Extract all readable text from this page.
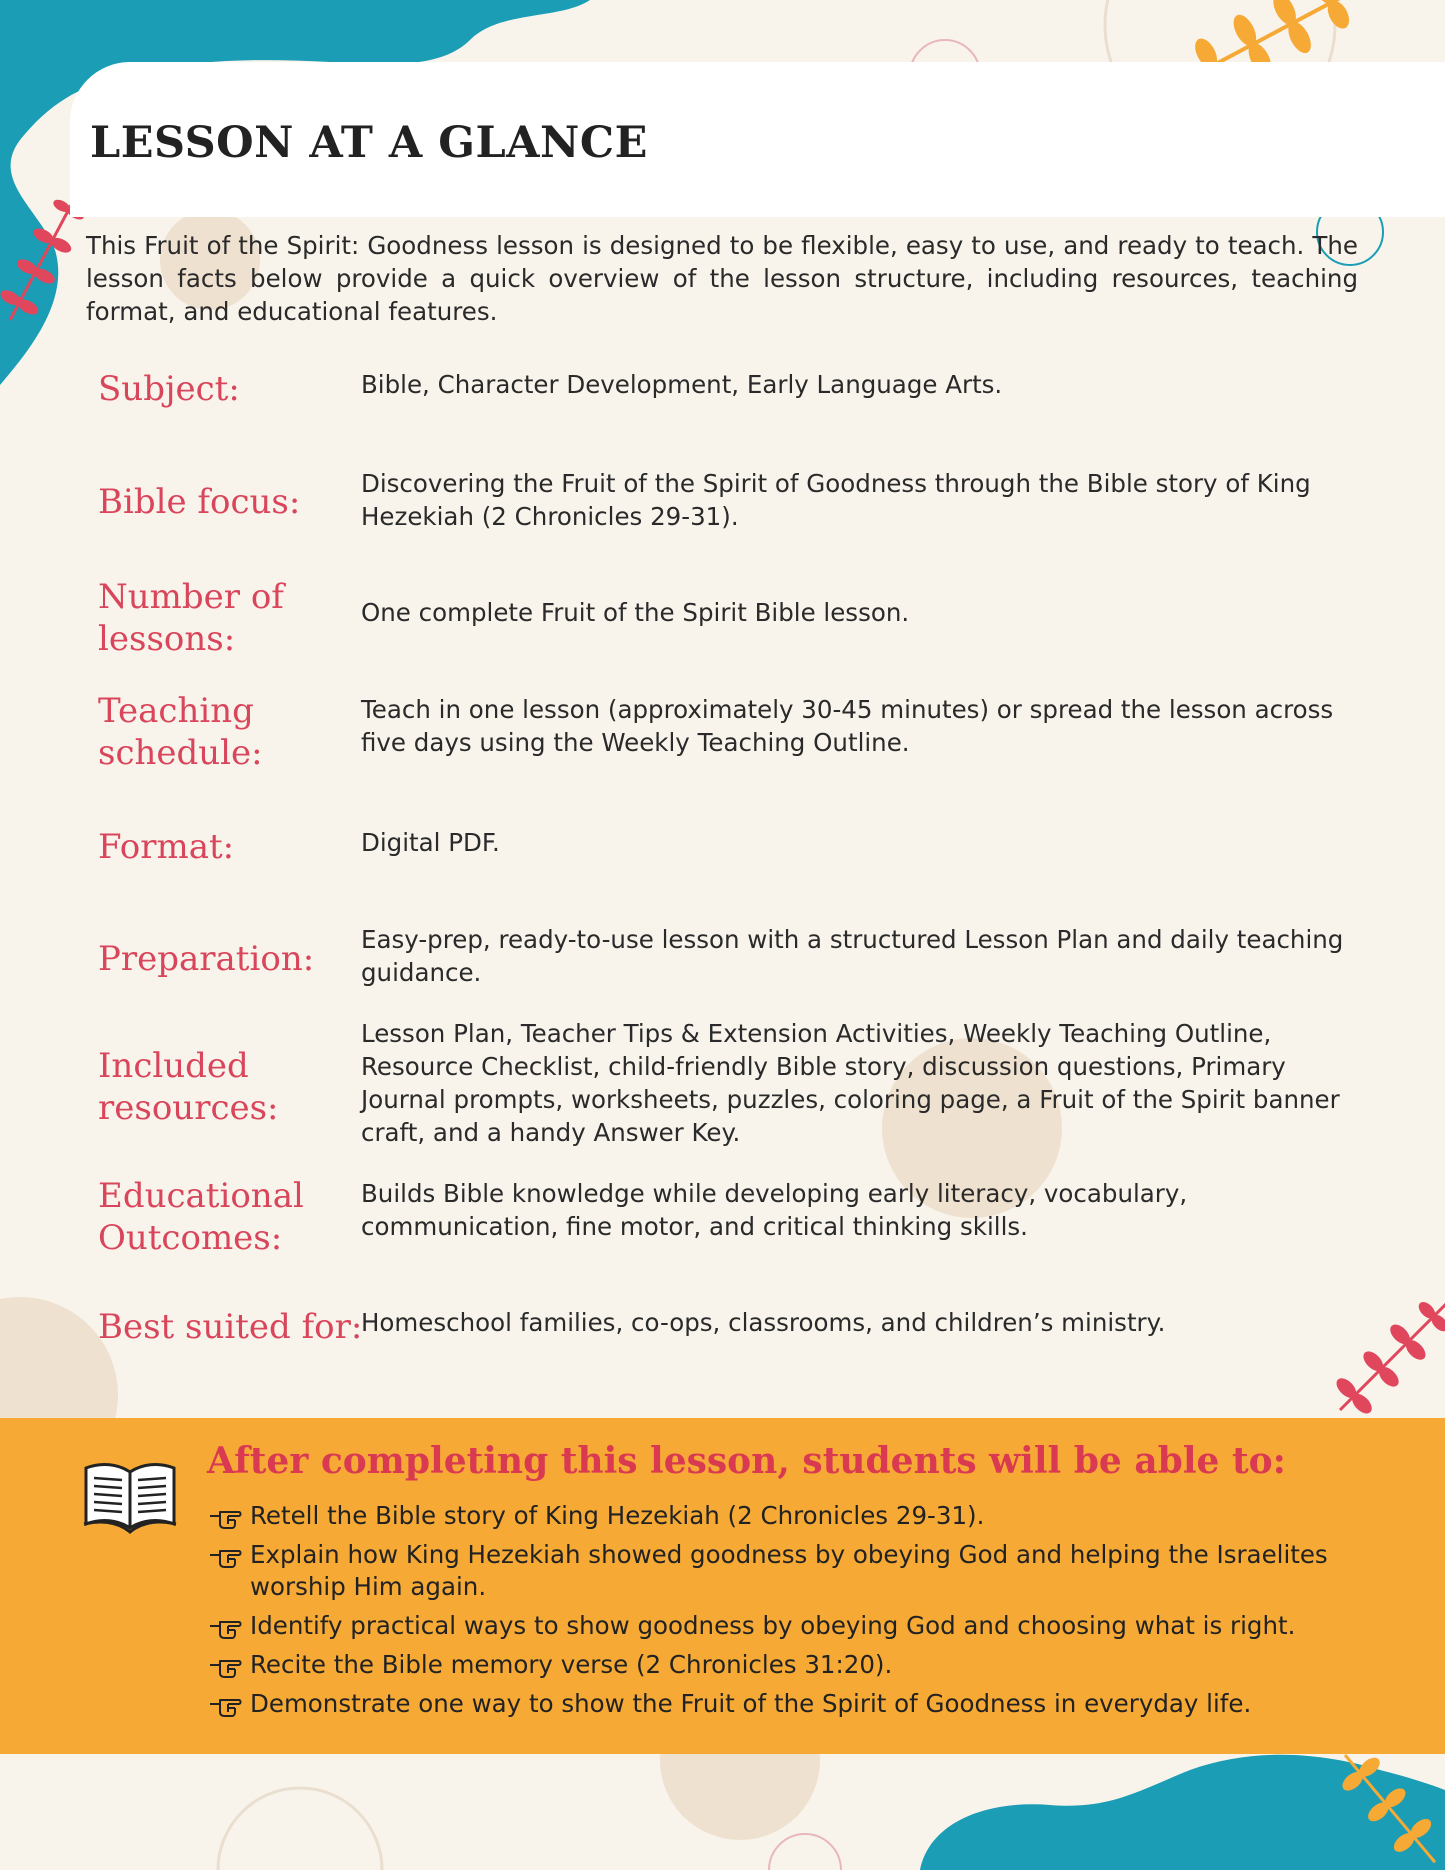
LESSON AT A GLANCE

This Fruit of the Spirit: Goodness lesson is designed to be flexible, easy to use, and ready to teach. The lesson facts below provide a quick overview of the lesson structure, including resources, teaching format, and educational features.

Subject:	Bible, Character Development, Early Language Arts.
Bible focus:	Discovering the Fruit of the Spirit of Goodness through the Bible story of King Hezekiah (2 Chronicles 29-31).
Number of lessons:
One complete Fruit of the Spirit Bible lesson.
Teaching schedule:
Teach in one lesson (approximately 30-45 minutes) or spread the lesson across five days using the Weekly Teaching Outline.
Format:	Digital PDF.
Preparation:	Easy-prep, ready-to-use lesson with a structured Lesson Plan and daily teaching guidance.
Included resources:
Lesson Plan, Teacher Tips & Extension Activities, Weekly Teaching Outline, Resource Checklist, child-friendly Bible story, discussion questions, Primary Journal prompts, worksheets, puzzles, coloring page, a Fruit of the Spirit banner craft, and a handy Answer Key.
Educational Outcomes:
Builds Bible knowledge while developing early literacy, vocabulary, communication, fine motor, and critical thinking skills.
Best suited for:
Homeschool families, co-ops, classrooms, and children’s ministry.
After completing this lesson, students will be able to:
Retell the Bible story of King Hezekiah (2 Chronicles 29-31).
Explain how King Hezekiah showed goodness by obeying God and helping the Israelites worship Him again.
Identify practical ways to show goodness by obeying God and choosing what is right.
Recite the Bible memory verse (2 Chronicles 31:20).
Demonstrate one way to show the Fruit of the Spirit of Goodness in everyday life.
